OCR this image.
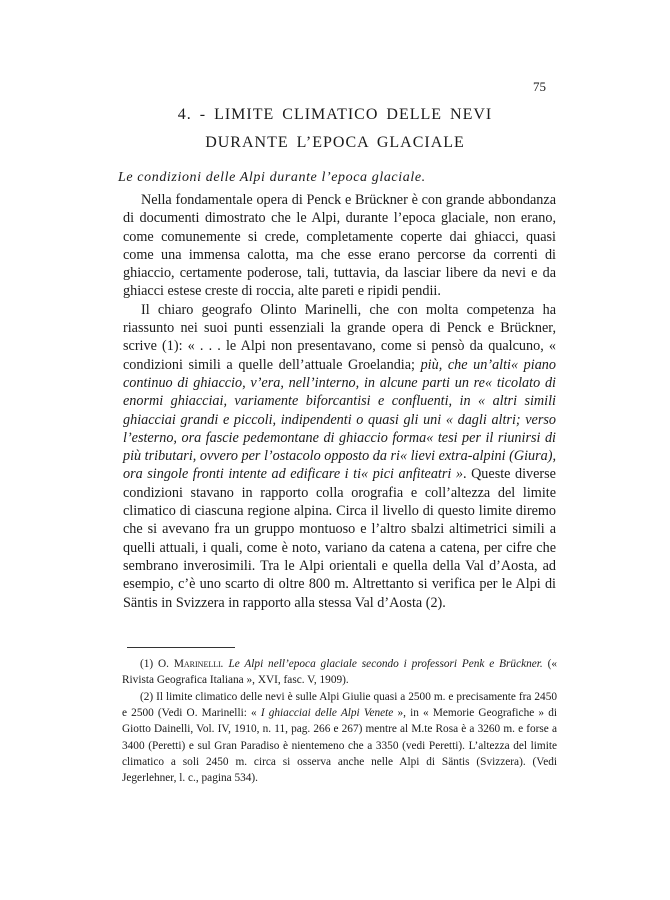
75
4. - LIMITE CLIMATICO DELLE NEVI
DURANTE L’EPOCA GLACIALE
Le condizioni delle Alpi durante l’epoca glaciale.

Nella fondamentale opera di Penck e Brückner è con grande abbondanza di documenti dimostrato che le Alpi, durante l’epoca glaciale, non erano, come comunemente si crede, completamente coperte dai ghiacci, quasi come una immensa calotta, ma che esse erano percorse da correnti di ghiaccio, certamente poderose, tali, tuttavia, da lasciar libere da nevi e da ghiacci estese creste di roccia, alte pareti e ripidi pendii.

Il chiaro geografo Olinto Marinelli, che con molta competenza ha riassunto nei suoi punti essenziali la grande opera di Penck e Brückner, scrive (1): « . . . le Alpi non presentavano, come si pensò da qualcuno, « condizioni simili a quelle dell’attuale Groelandia; più, che un’alti« piano continuo di ghiaccio, v’era, nell’interno, in alcune parti un re« ticolato di enormi ghiacciai, variamente biforcantisi e confluenti, in « altri simili ghiacciai grandi e piccoli, indipendenti o quasi gli uni « dagli altri; verso l’esterno, ora fascie pedemontane di ghiaccio forma« tesi per il riunirsi di più tributari, ovvero per l’ostacolo opposto da ri« lievi extra-alpini (Giura), ora singole fronti intente ad edificare i ti« pici anfiteatri ». Queste diverse condizioni stavano in rapporto colla orografia e coll’altezza del limite climatico di ciascuna regione alpina. Circa il livello di questo limite diremo che si avevano fra un gruppo montuoso e l’altro sbalzi altimetrici simili a quelli attuali, i quali, come è noto, variano da catena a catena, per cifre che sembrano inverosimili. Tra le Alpi orientali e quella della Val d’Aosta, ad esempio, c’è uno scarto di oltre 800 m. Altrettanto si verifica per le Alpi di Säntis in Svizzera in rapporto alla stessa Val d’Aosta (2).

(1) O. Marinelli. Le Alpi nell’epoca glaciale secondo i professori Penk e Brückner. (« Rivista Geografica Italiana », XVI, fasc. V, 1909).

(2) Il limite climatico delle nevi è sulle Alpi Giulie quasi a 2500 m. e precisamente fra 2450 e 2500 (Vedi O. Marinelli: « I ghiacciai delle Alpi Venete », in « Memorie Geografiche » di Giotto Dainelli, Vol. IV, 1910, n. 11, pag. 266 e 267) mentre al M.te Rosa è a 3260 m. e forse a 3400 (Peretti) e sul Gran Paradiso è nientemeno che a 3350 (vedi Peretti). L’altezza del limite climatico a soli 2450 m. circa si osserva anche nelle Alpi di Säntis (Svizzera). (Vedi Jegerlehner, l. c., pagina 534).
